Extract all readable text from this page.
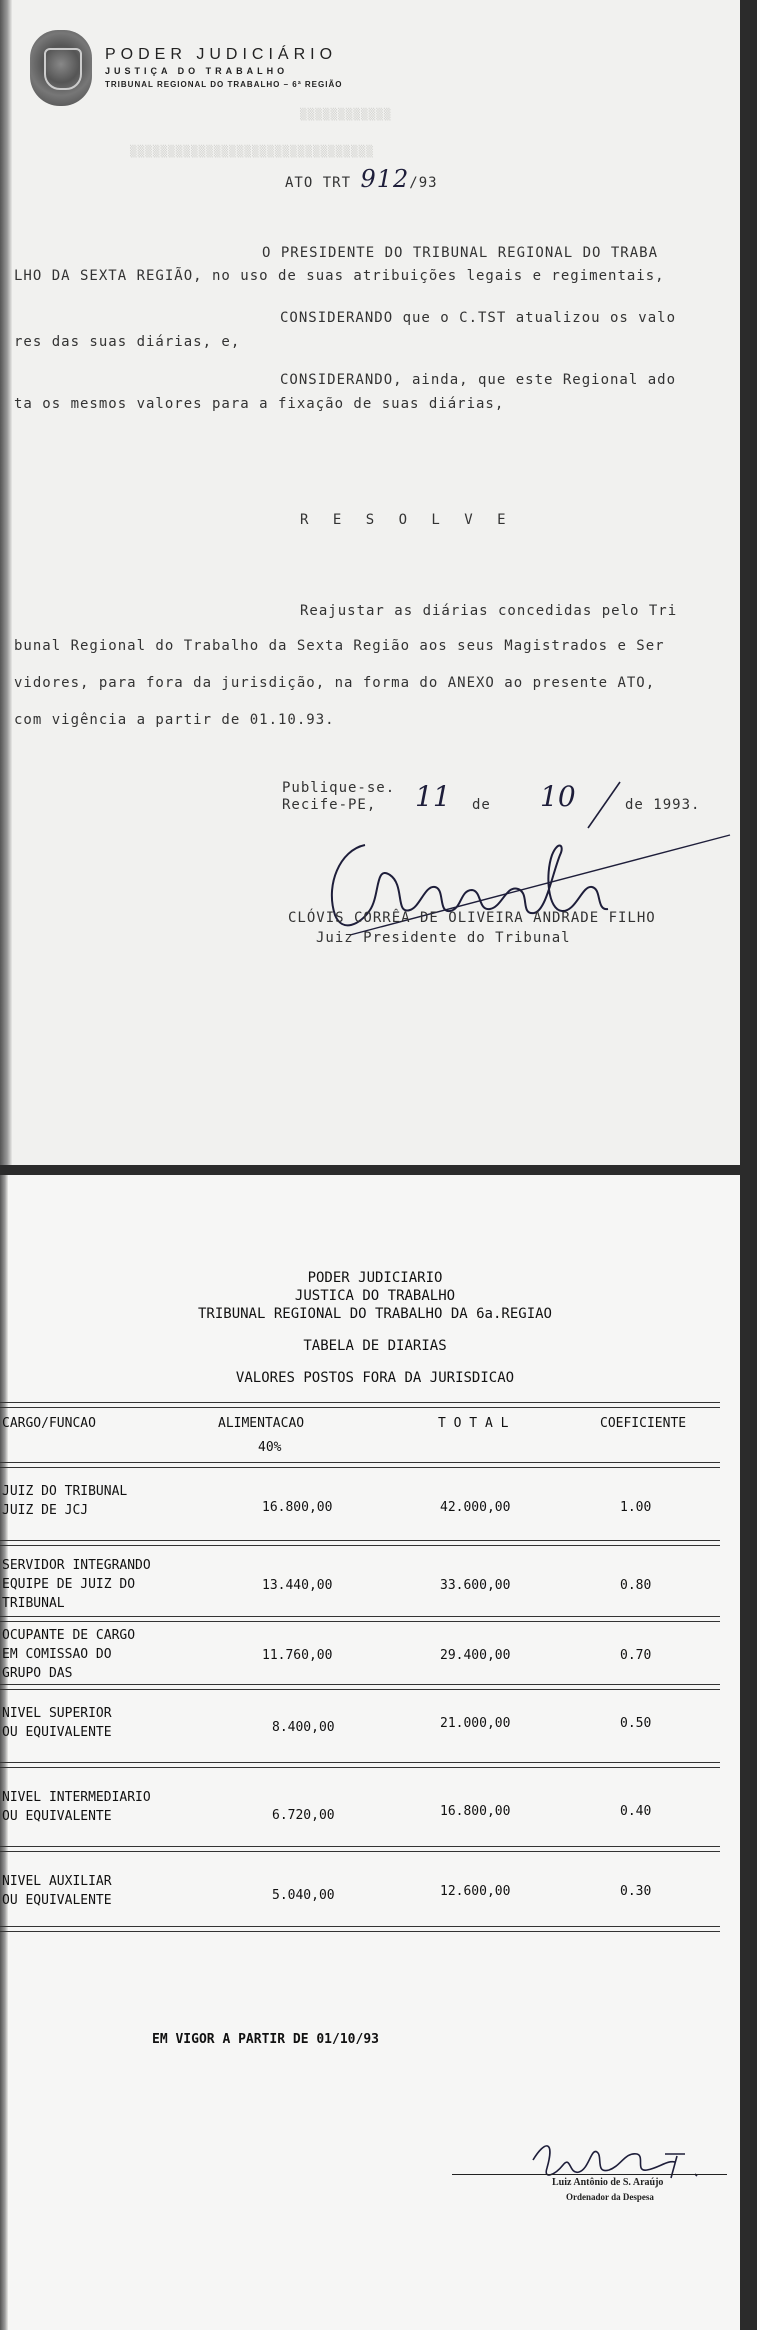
PODER JUDICIÁRIO
JUSTIÇA DO TRABALHO
TRIBUNAL REGIONAL DO TRABALHO – 6ª REGIÃO
▒▒▒▒▒▒▒▒▒▒▒▒
▒▒▒▒▒▒▒▒▒▒▒▒▒▒▒▒▒▒▒▒▒▒▒▒▒▒▒▒▒▒▒▒
ATO TRT 912/93
O PRESIDENTE DO TRIBUNAL REGIONAL DO TRABA
LHO DA SEXTA REGIÃO, no uso de suas atribuições legais e regimentais,
CONSIDERANDO que o C.TST atualizou os valo
res das suas diárias, e,
CONSIDERANDO, ainda, que este Regional ado
ta os mesmos valores para a fixação de suas diárias,
R E S O L V E
Reajustar as diárias concedidas pelo Tri
bunal Regional do Trabalho da Sexta Região aos seus Magistrados e Ser
vidores, para fora da jurisdição, na forma do ANEXO ao presente ATO,
com vigência a partir de 01.10.93.
Publique-se.
Recife-PE, 11 de 10	de 1993.
CLÓVIS CORRÊA DE OLIVEIRA ANDRADE FILHO
Juiz Presidente do Tribunal
PODER JUDICIARIO
JUSTICA DO TRABALHO
TRIBUNAL REGIONAL DO TRABALHO DA 6a.REGIAO
TABELA DE DIARIAS
VALORES POSTOS FORA DA JURISDICAO
CARGO/FUNCAO	ALIMENTACAO	T O T A L	COEFICIENTE
40%
JUIZ DO TRIBUNAL
JUIZ DE JCJ	16.800,00	42.000,00	1.00
SERVIDOR INTEGRANDO
EQUIPE DE JUIZ DO
TRIBUNAL
13.440,00	33.600,00	0.80
OCUPANTE DE CARGO
EM COMISSAO DO
GRUPO DAS
11.760,00	29.400,00	0.70
NIVEL SUPERIOR
OU EQUIVALENTE	8.400,00	21.000,00	0.50
NIVEL INTERMEDIARIO
OU EQUIVALENTE	6.720,00	16.800,00	0.40
NIVEL AUXILIAR
OU EQUIVALENTE	5.040,00	12.600,00	0.30
EM VIGOR A PARTIR DE 01/10/93
Luiz Antônio de S. Araújo
Ordenador da Despesa
